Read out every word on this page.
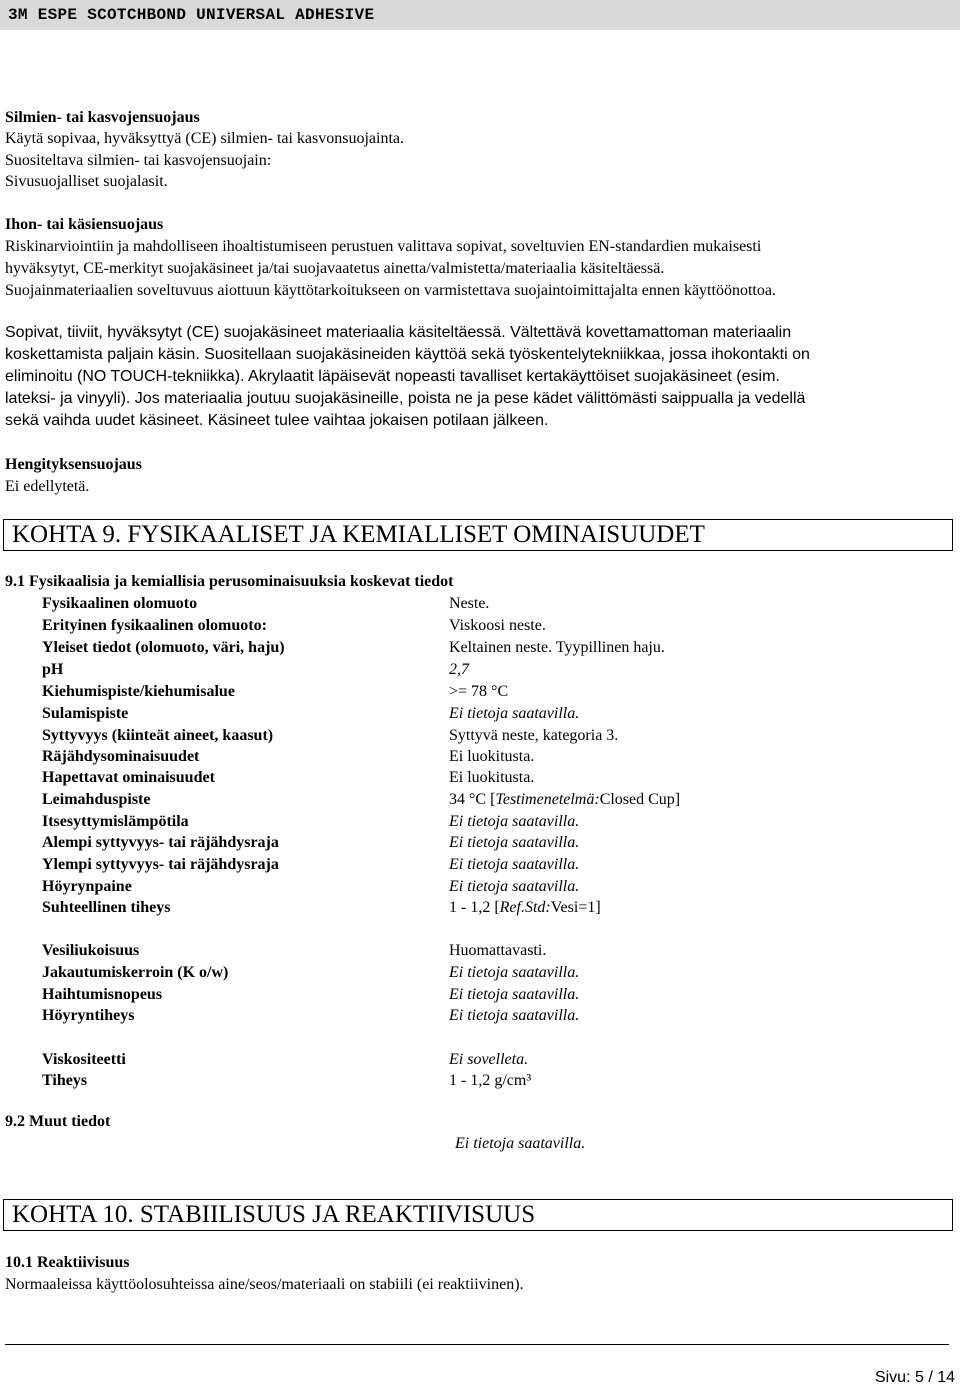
3M ESPE SCOTCHBOND UNIVERSAL ADHESIVE
Silmien- tai kasvojensuojaus
Käytä sopivaa, hyväksyttyä (CE) silmien- tai kasvonsuojainta.
Suositeltava silmien- tai kasvojensuojain:
Sivusuojalliset suojalasit.
Ihon- tai käsiensuojaus
Riskinarviointiin ja mahdolliseen ihoaltistumiseen perustuen valittava sopivat, soveltuvien EN-standardien mukaisesti
hyväksytyt, CE-merkityt suojakäsineet ja/tai suojavaatetus ainetta/valmistetta/materiaalia käsiteltäessä.
Suojainmateriaalien soveltuvuus aiottuun käyttötarkoitukseen on varmistettava suojaintoimittajalta ennen käyttöönottoa.
Sopivat, tiiviit, hyväksytyt (CE) suojakäsineet materiaalia käsiteltäessä. Vältettävä kovettamattoman materiaalin
koskettamista paljain käsin. Suositellaan suojakäsineiden käyttöä sekä työskentelytekniikkaa, jossa ihokontakti on
eliminoitu (NO TOUCH-tekniikka). Akrylaatit läpäisevät nopeasti tavalliset kertakäyttöiset suojakäsineet (esim.
lateksi- ja vinyyli). Jos materiaalia joutuu suojakäsineille, poista ne ja pese kädet välittömästi saippualla ja vedellä
sekä vaihda uudet käsineet. Käsineet tulee vaihtaa jokaisen potilaan jälkeen.
Hengityksensuojaus
Ei edellytetä.
KOHTA 9. FYSIKAALISET JA KEMIALLISET OMINAISUUDET
9.1 Fysikaalisia ja kemiallisia perusominaisuuksia koskevat tiedot
Fysikaalinen olomuoto	Neste.
Erityinen fysikaalinen olomuoto:	Viskoosi neste.
Yleiset tiedot (olomuoto, väri, haju)	Keltainen neste. Tyypillinen haju.
pH	2,7
Kiehumispiste/kiehumisalue	>= 78 °C
Sulamispiste	Ei tietoja saatavilla.
Syttyvyys (kiinteät aineet, kaasut)	Syttyvä neste, kategoria 3.
Räjähdysominaisuudet	Ei luokitusta.
Hapettavat ominaisuudet	Ei luokitusta.
Leimahduspiste	34 °C [Testimenetelmä:Closed Cup]
Itsesyttymislämpötila	Ei tietoja saatavilla.
Alempi syttyvyys- tai räjähdysraja	Ei tietoja saatavilla.
Ylempi syttyvyys- tai räjähdysraja	Ei tietoja saatavilla.
Höyrynpaine	Ei tietoja saatavilla.
Suhteellinen tiheys	1 - 1,2 [Ref.Std:Vesi=1]
Vesiliukoisuus	Huomattavasti.
Jakautumiskerroin (K o/w)	Ei tietoja saatavilla.
Haihtumisnopeus	Ei tietoja saatavilla.
Höyryntiheys	Ei tietoja saatavilla.
Viskositeetti	Ei sovelleta.
Tiheys	1 - 1,2 g/cm³
9.2 Muut tiedot
Ei tietoja saatavilla.
KOHTA 10. STABIILISUUS JA REAKTIIVISUUS
10.1 Reaktiivisuus
Normaaleissa käyttöolosuhteissa aine/seos/materiaali on stabiili (ei reaktiivinen).
Sivu: 5 / 14
